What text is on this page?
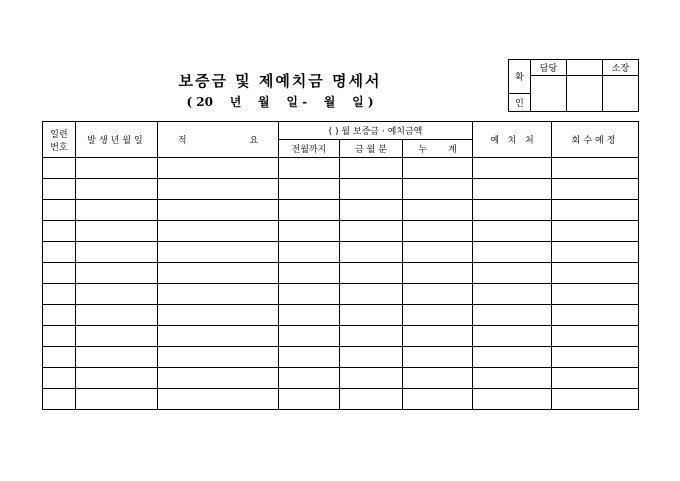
보증금 및 제예치금 명세서
( 20    년    월    일 -    월    일 )
확	담당		소장

인			
일련
번호	발생년월일	적 요	( ) 월 보증금 · 예치금액			예   치   처	회수예정
			전월까지	금 월 분	누 계		
